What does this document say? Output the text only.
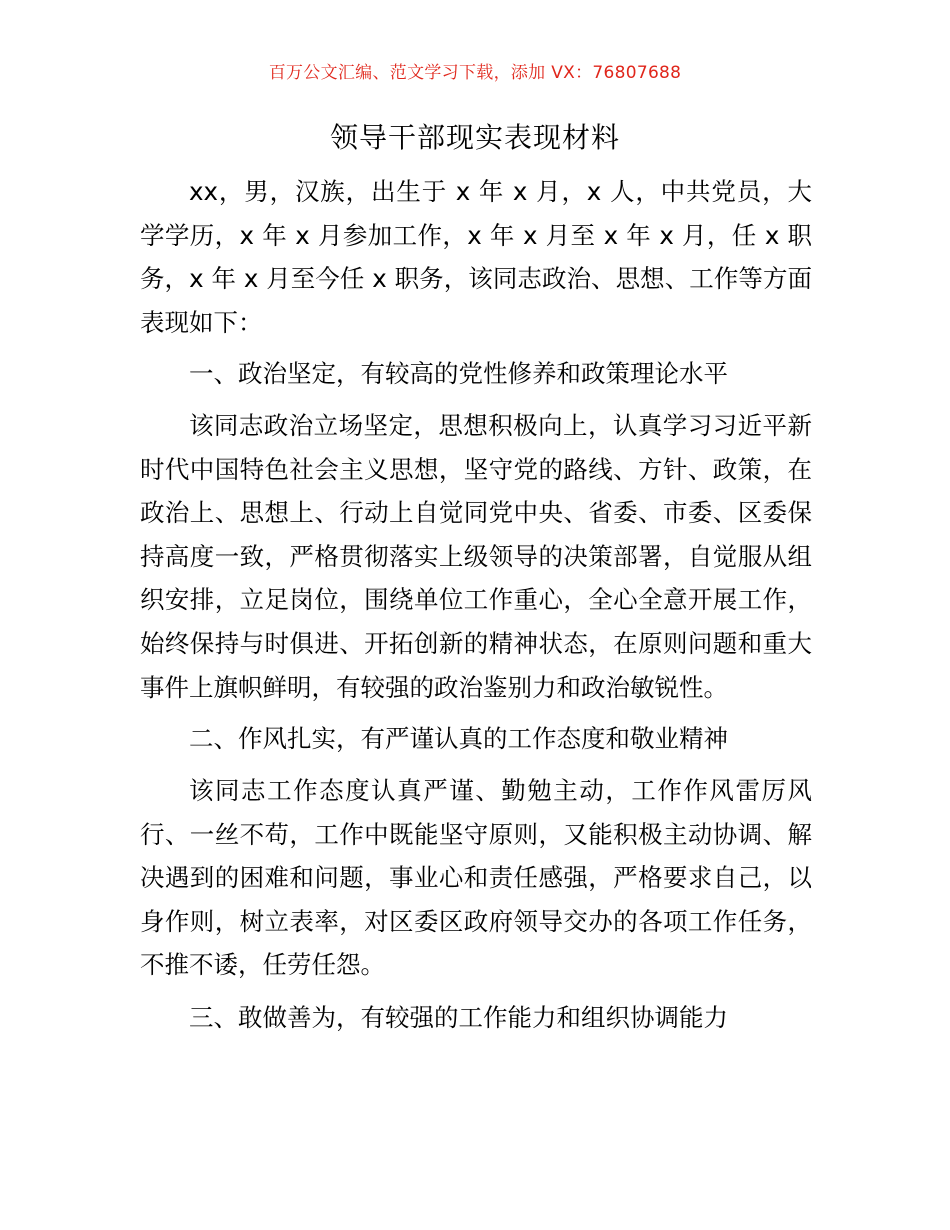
百万公文汇编、范文学习下载，添加 VX：76807688
领导干部现实表现材料

xx，男，汉族，出生于 x 年 x 月，x 人，中共党员，大学学历，x 年 x 月参加工作，x 年 x 月至 x 年 x 月，任 x 职务，x 年 x 月至今任 x 职务，该同志政治、思想、工作等方面表现如下：

一、政治坚定，有较高的党性修养和政策理论水平

该同志政治立场坚定，思想积极向上，认真学习习近平新时代中国特色社会主义思想，坚守党的路线、方针、政策，在政治上、思想上、行动上自觉同党中央、省委、市委、区委保持高度一致，严格贯彻落实上级领导的决策部署，自觉服从组织安排，立足岗位，围绕单位工作重心，全心全意开展工作，始终保持与时俱进、开拓创新的精神状态，在原则问题和重大事件上旗帜鲜明，有较强的政治鉴别力和政治敏锐性。

二、作风扎实，有严谨认真的工作态度和敬业精神

该同志工作态度认真严谨、勤勉主动，工作作风雷厉风行、一丝不苟，工作中既能坚守原则，又能积极主动协调、解决遇到的困难和问题，事业心和责任感强，严格要求自己，以身作则，树立表率，对区委区政府领导交办的各项工作任务，不推不诿，任劳任怨。

三、敢做善为，有较强的工作能力和组织协调能力
